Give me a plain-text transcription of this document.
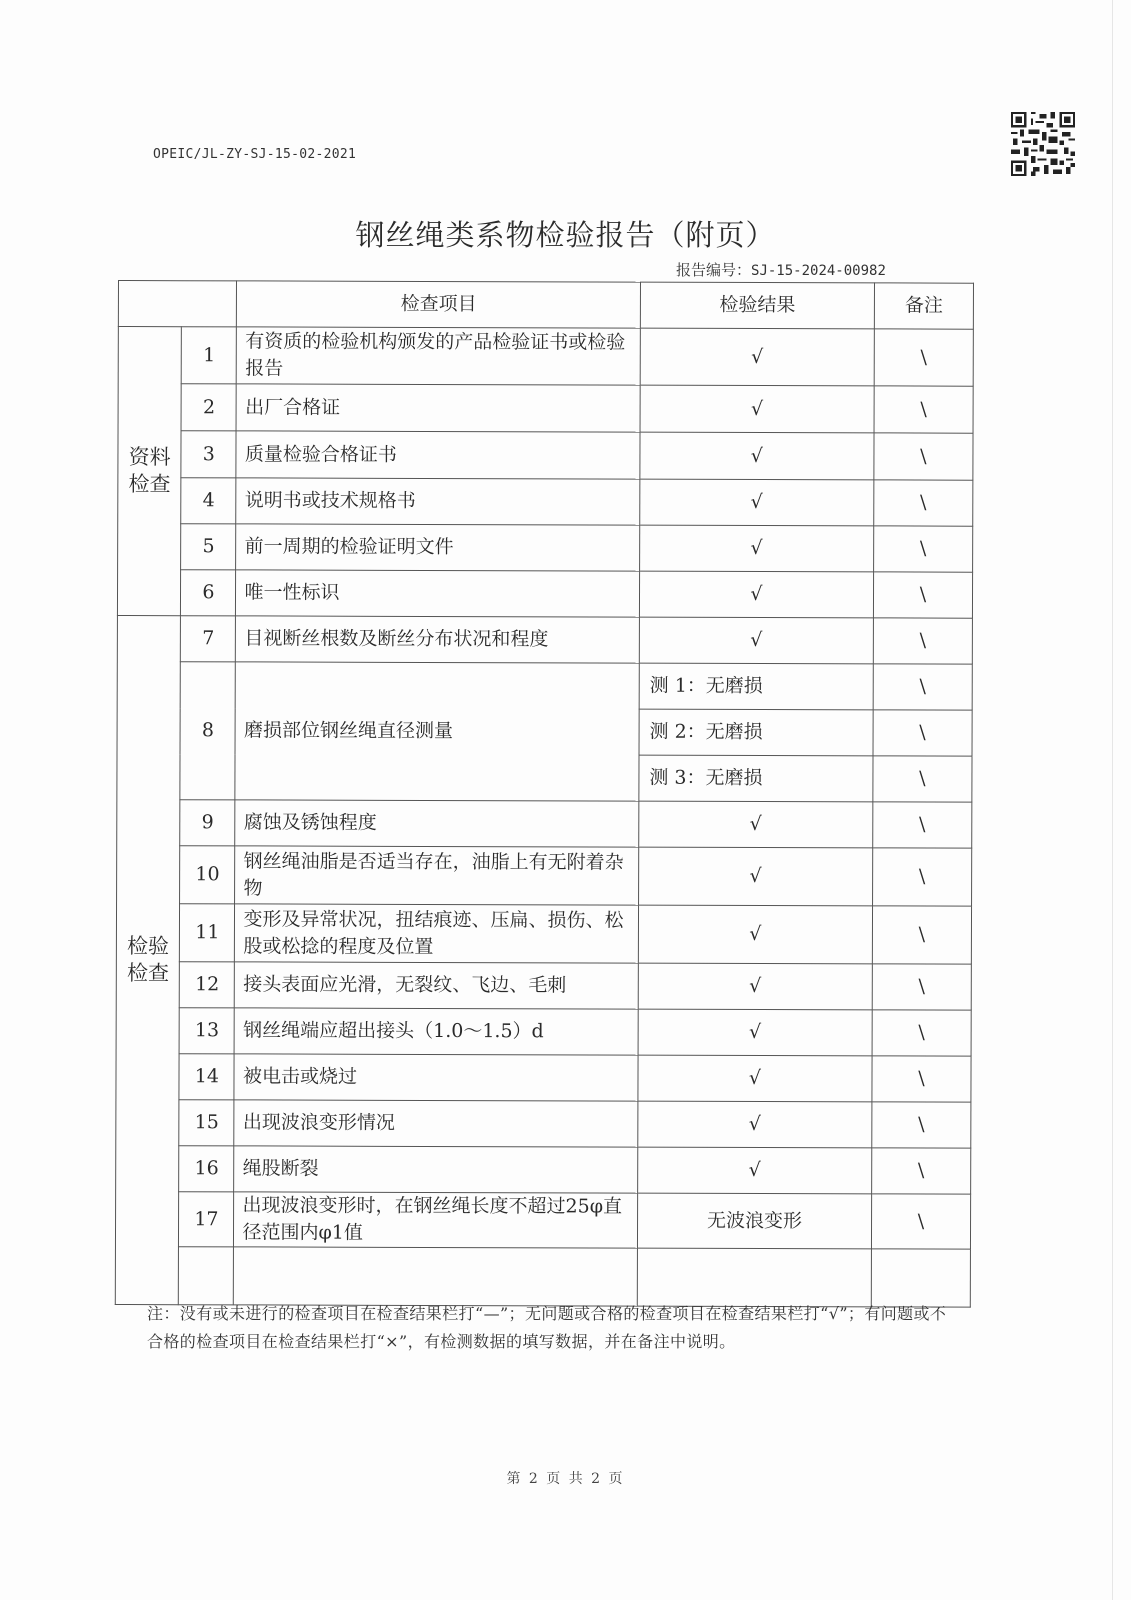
OPEIC/JL-ZY-SJ-15-02-2021
钢丝绳类系物检验报告（附页）
报告编号：SJ-15-2024-00982
		检查项目	检验结果	备注
资料检查	1	有资质的检验机构颁发的产品检验证书或检验报告	√	\
	2	出厂合格证	√	\
	3	质量检验合格证书	√	\
	4	说明书或技术规格书	√	\
	5	前一周期的检验证明文件	√	\
	6	唯一性标识	√	\
检验检查	7	目视断丝根数及断丝分布状况和程度	√	\
	8	磨损部位钢丝绳直径测量	测 1：无磨损	\
			测 2：无磨损	\
			测 3：无磨损	\
	9	腐蚀及锈蚀程度	√	\
	10	钢丝绳油脂是否适当存在，油脂上有无附着杂物	√	\
	11	变形及异常状况，扭结痕迹、压扁、损伤、松股或松捻的程度及位置	√	\
	12	接头表面应光滑，无裂纹、飞边、毛刺	√	\
	13	钢丝绳端应超出接头（1.0～1.5）d	√	\
	14	被电击或烧过	√	\
	15	出现波浪变形情况	√	\
	16	绳股断裂	√	\
	17	出现波浪变形时，在钢丝绳长度不超过25φ直径范围内φ1值	无波浪变形	\

注：没有或未进行的检查项目在检查结果栏打“—”；无问题或合格的检查项目在检查结果栏打“√”；有问题或不合格的检查项目在检查结果栏打“×”，有检测数据的填写数据，并在备注中说明。
第 2 页 共 2 页
